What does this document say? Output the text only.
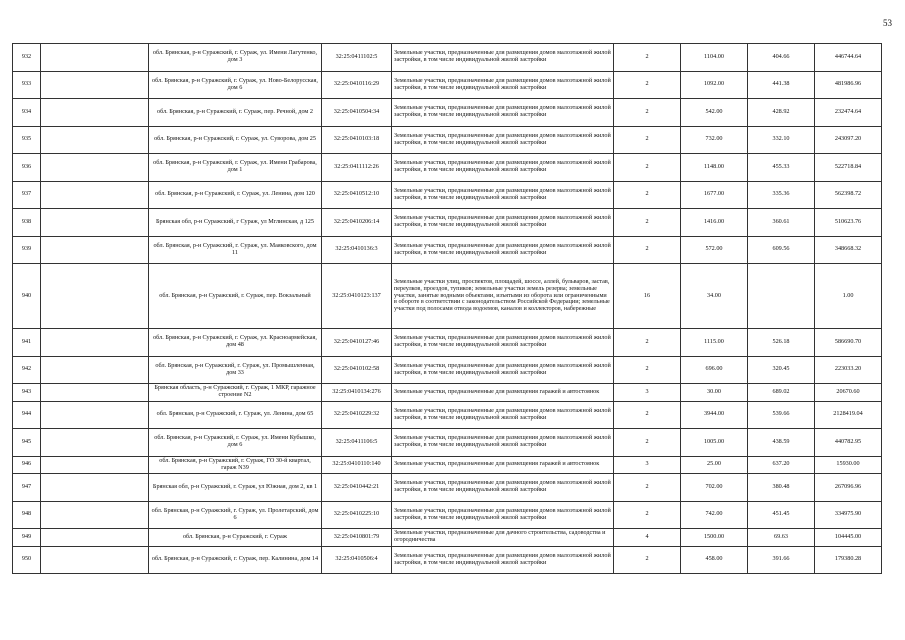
53
932		обл. Брянская, р-н Суражский, г. Сураж, ул. Имени Лагутенко, дом 3	32:25:0411102:5	Земельные участки, предназначенные для размещения домов малоэтажной жилой застройки, в том числе индивидуальной жилой застройки	2	1104.00	404.66	446744.64
933		обл. Брянская, р-н Суражский, г. Сураж, ул. Ново-Белорусская, дом 6	32:25:0410116:29	Земельные участки, предназначенные для размещения домов малоэтажной жилой застройки, в том числе индивидуальной жилой застройки	2	1092.00	441.38	481986.96
934		обл. Брянская, р-н Суражский, г. Сураж, пер. Речной, дом 2	32:25:0410504:34	Земельные участки, предназначенные для размещения домов малоэтажной жилой застройки, в том числе индивидуальной жилой застройки	2	542.00	428.92	232474.64
935		обл. Брянская, р-н Суражский, г. Сураж, ул. Суворова, дом 25	32:25:0410103:18	Земельные участки, предназначенные для размещения домов малоэтажной жилой застройки, в том числе индивидуальной жилой застройки	2	732.00	332.10	243097.20
936		обл. Брянская, р-н Суражский, г. Сураж, ул. Имени Грабарова, дом 1	32:25:0411112:26	Земельные участки, предназначенные для размещения домов малоэтажной жилой застройки, в том числе индивидуальной жилой застройки	2	1148.00	455.33	522718.84
937		обл. Брянская, р-н Суражский, г. Сураж, ул. Ленина, дом 120	32:25:0410512:10	Земельные участки, предназначенные для размещения домов малоэтажной жилой застройки, в том числе индивидуальной жилой застройки	2	1677.00	335.36	562398.72
938		Брянская обл, р-н Суражский, г Сураж, ул Мглинская, д 125	32:25:0410206:14	Земельные участки, предназначенные для размещения домов малоэтажной жилой застройки, в том числе индивидуальной жилой застройки	2	1416.00	360.61	510623.76
939		обл. Брянская, р-н Суражский, г. Сураж, ул. Маяковского, дом 11	32:25:0410136:3	Земельные участки, предназначенные для размещения домов малоэтажной жилой застройки, в том числе индивидуальной жилой застройки	2	572.00	609.56	348668.32
940		обл. Брянская, р-н Суражский, г. Сураж, пер. Вокзальный	32:25:0410123:137	Земельные участки улиц, проспектов, площадей, шоссе, аллей, бульваров, застав, переулков, проездов, тупиков; земельные участки земель резерва; земельные участки, занятые водными объектами, изъятыми из оборота или ограниченными в обороте в соответствии с законодательством Российской Федерации; земельные участки под полосами отвода водоемов, каналов и коллекторов, набережные	16	34.00		1.00
941		обл. Брянская, р-н Суражский, г. Сураж, ул. Красноармейская, дом 48	32:25:0410127:46	Земельные участки, предназначенные для размещения домов малоэтажной жилой застройки, в том числе индивидуальной жилой застройки	2	1115.00	526.18	586690.70
942		обл. Брянская, р-н Суражский, г. Сураж, ул. Промышленная, дом 33	32:25:0410102:58	Земельные участки, предназначенные для размещения домов малоэтажной жилой застройки, в том числе индивидуальной жилой застройки	2	696.00	320.45	223033.20
943		Брянская область, р-н Суражский, г. Сураж, 1 МКР, гаражное строение N2	32:25:0410134:276	Земельные участки, предназначенные для размещения гаражей и автостоянок	3	30.00	689.02	20670.60
944		обл. Брянская, р-н Суражский, г. Сураж, ул. Ленина, дом 65	32:25:0410229:32	Земельные участки, предназначенные для размещения домов малоэтажной жилой застройки, в том числе индивидуальной жилой застройки	2	3944.00	539.66	2128419.04
945		обл. Брянская, р-н Суражский, г. Сураж, ул. Имени Кубышко, дом 6	32:25:0411106:5	Земельные участки, предназначенные для размещения домов малоэтажной жилой застройки, в том числе индивидуальной жилой застройки	2	1005.00	438.59	440782.95
946		обл. Брянская, р-н Суражский, г. Сураж, ГО 30-й квартал, гараж N39	32:25:0410110:140	Земельные участки, предназначенные для размещения гаражей и автостоянок	3	25.00	637.20	15930.00
947		Брянская обл, р-н Суражский, г. Сураж, ул Южная, дом 2, кв 1	32:25:0410442:21	Земельные участки, предназначенные для размещения домов малоэтажной жилой застройки, в том числе индивидуальной жилой застройки	2	702.00	380.48	267096.96
948		обл. Брянская, р-н Суражский, г. Сураж, ул. Пролетарский, дом 6	32:25:0410225:10	Земельные участки, предназначенные для размещения домов малоэтажной жилой застройки, в том числе индивидуальной жилой застройки	2	742.00	451.45	334975.90
949		обл. Брянская, р-н Суражский, г. Сураж	32:25:0410801:79	Земельные участки, предназначенные для дачного строительства, садоводства и огородничества	4	1500.00	69.63	104445.00
950		обл. Брянская, р-н Суражский, г. Сураж, пер. Калинина, дом 14	32:25:0410506:4	Земельные участки, предназначенные для размещения домов малоэтажной жилой застройки, в том числе индивидуальной жилой застройки	2	458.00	391.66	179380.28
